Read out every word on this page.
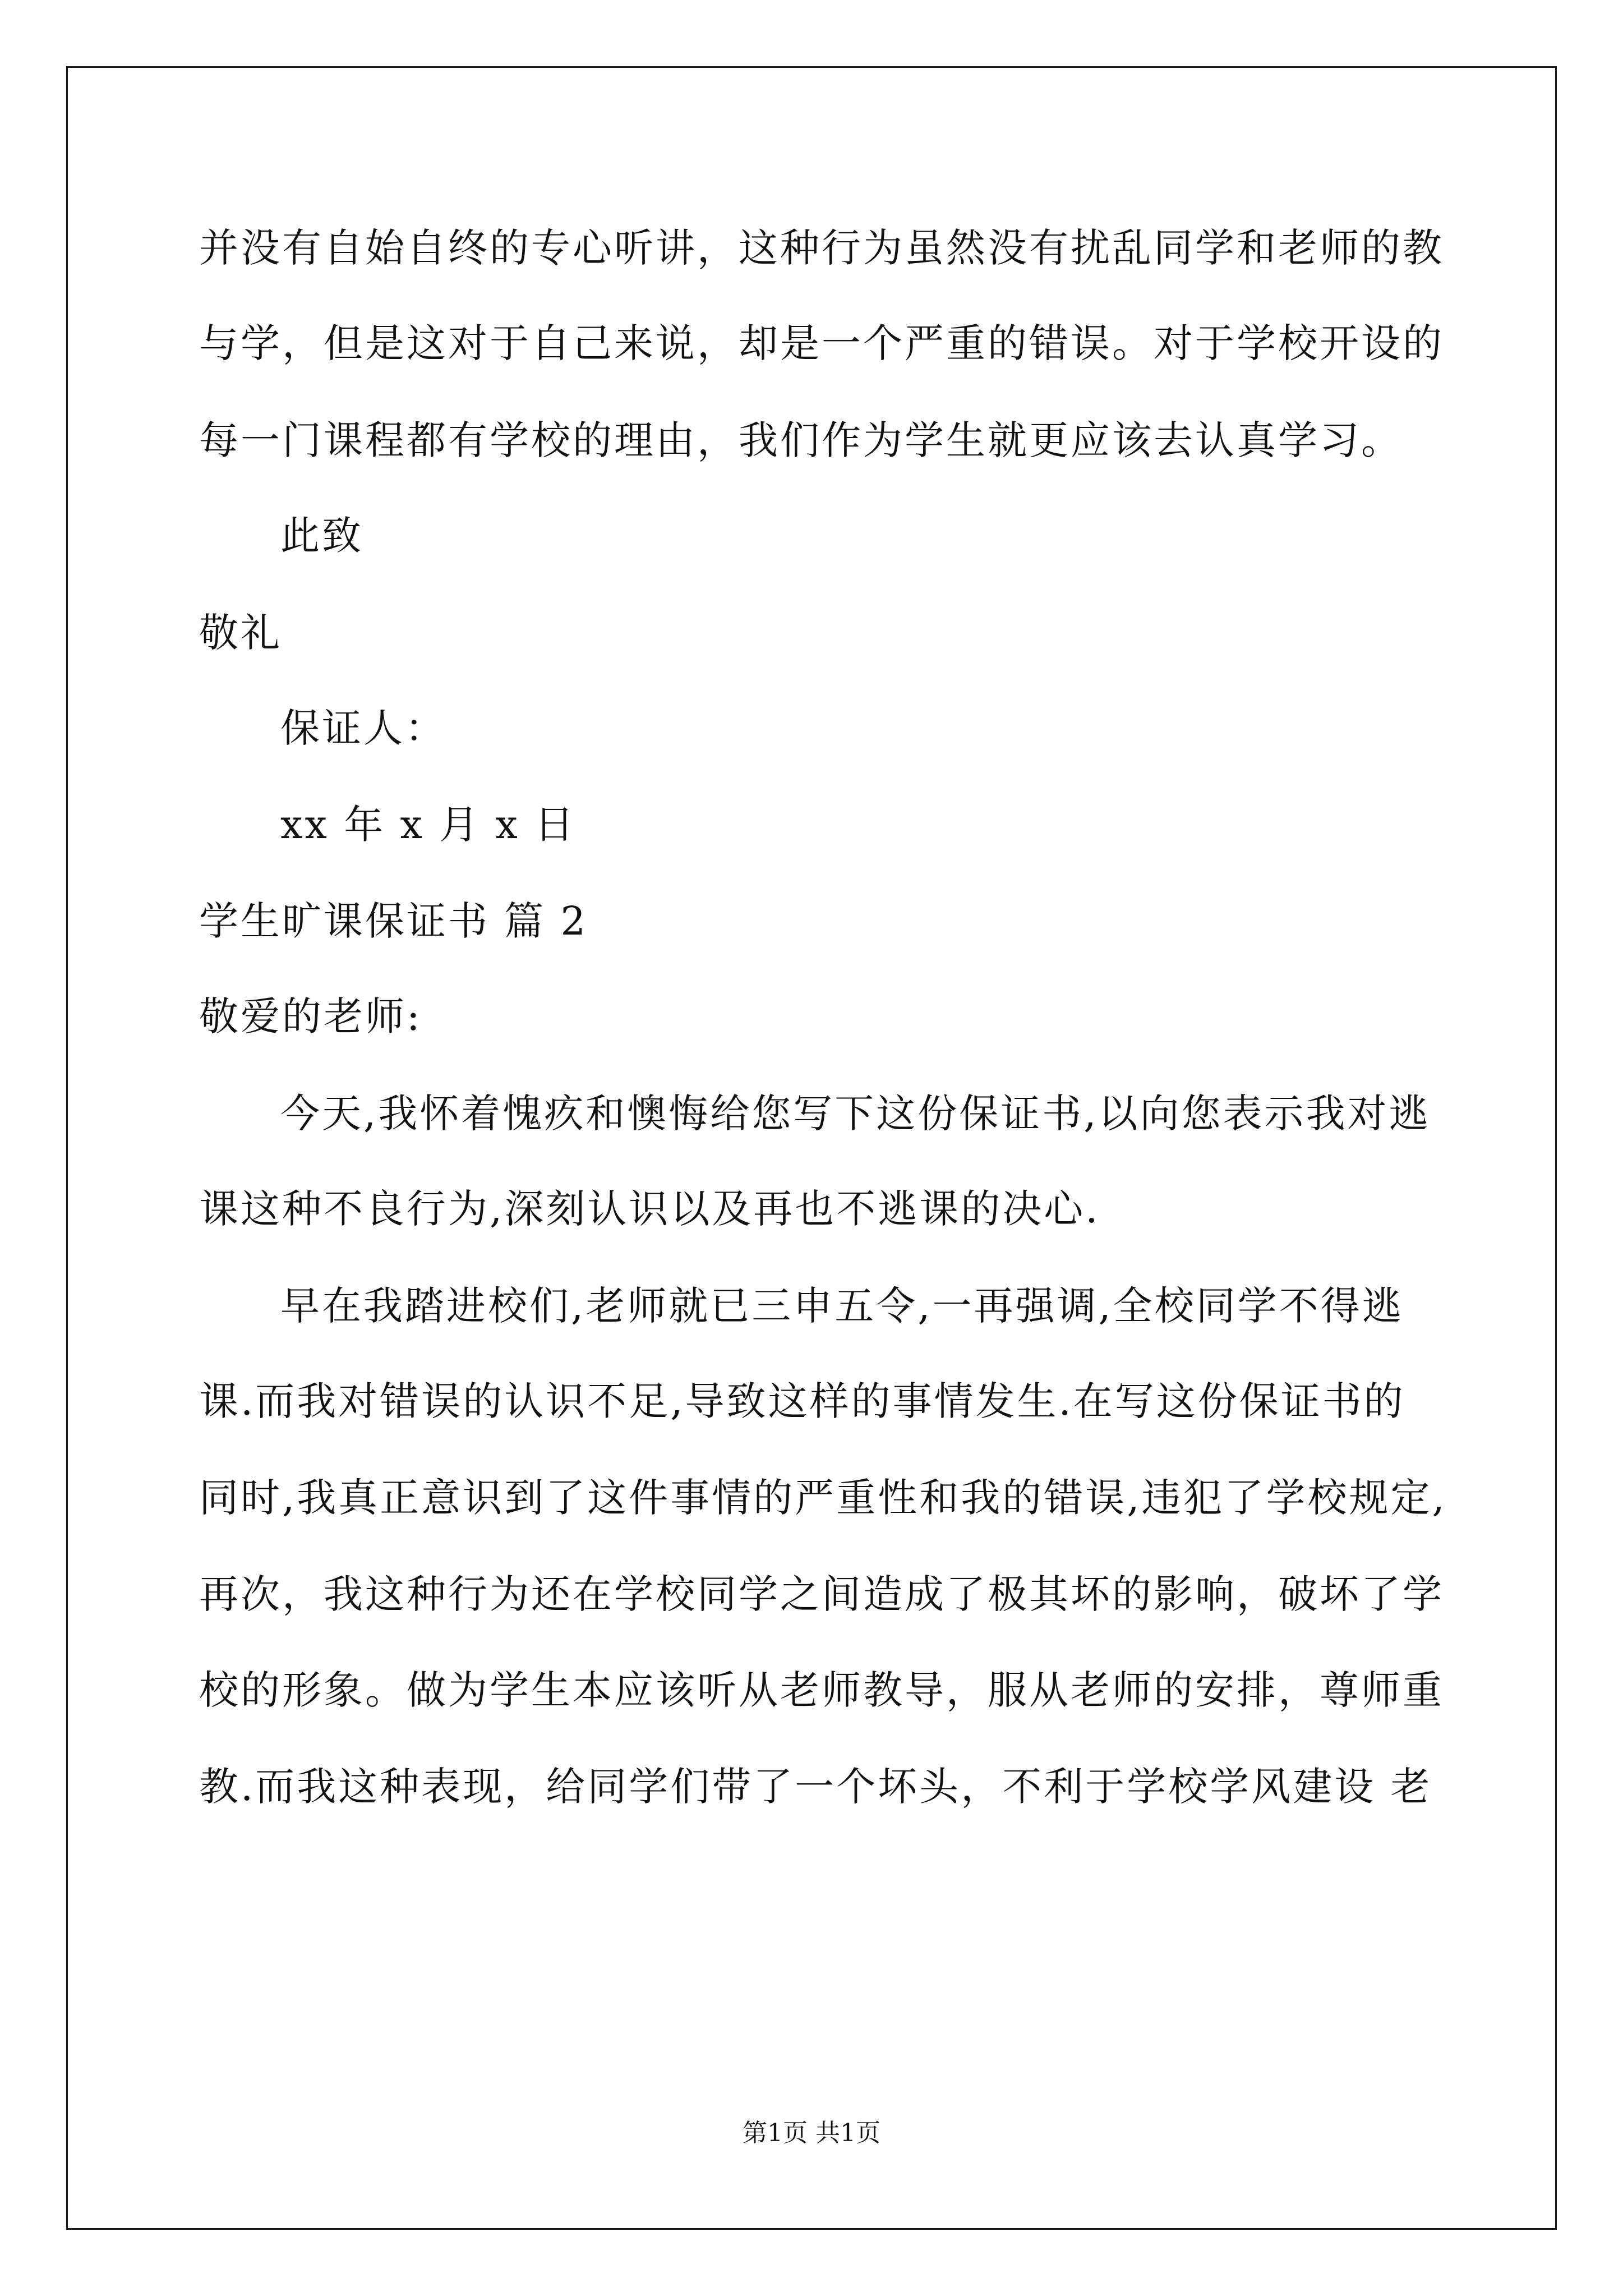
并没有自始自终的专心听讲，这种行为虽然没有扰乱同学和老师的教
与学，但是这对于自己来说，却是一个严重的错误。对于学校开设的
每一门课程都有学校的理由，我们作为学生就更应该去认真学习。
此致
敬礼
保证人：
xx 年 x 月 x 日
学生旷课保证书 篇 2
敬爱的老师:
今天,我怀着愧疚和懊悔给您写下这份保证书,以向您表示我对逃
课这种不良行为,深刻认识以及再也不逃课的决心.
早在我踏进校们,老师就已三申五令,一再强调,全校同学不得逃
课.而我对错误的认识不足,导致这样的事情发生.在写这份保证书的
同时,我真正意识到了这件事情的严重性和我的错误,违犯了学校规定,
再次，我这种行为还在学校同学之间造成了极其坏的影响，破坏了学
校的形象。做为学生本应该听从老师教导，服从老师的安排，尊师重
教.而我这种表现，给同学们带了一个坏头，不利于学校学风建设 老
第1页 共1页
